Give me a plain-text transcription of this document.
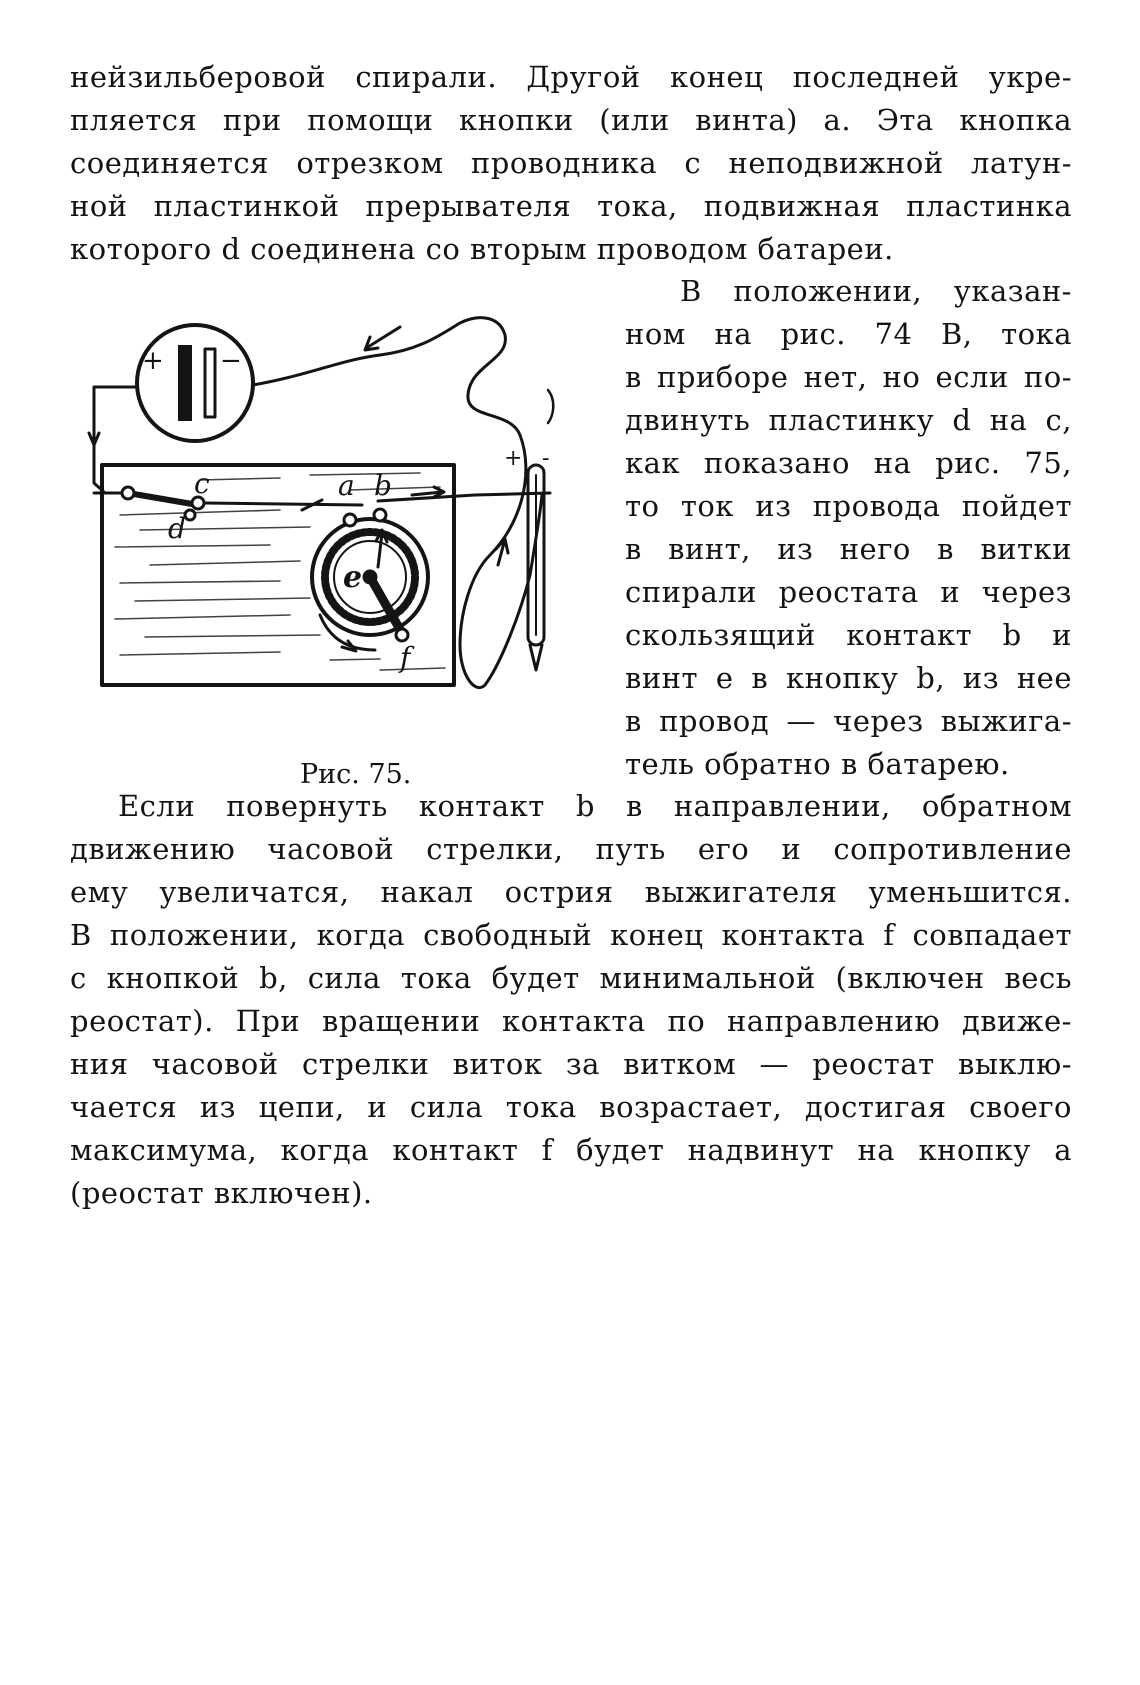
нейзильберовой спирали. Другой конец последней укре-
пляется при помощи кнопки (или винта) a. Эта кнопка
соединяется отрезком проводника с неподвижной латун-
ной пластинкой прерывателя тока, подвижная пластинка
которого d соединена со вторым проводом батареи.
В положении, указан-
ном на рис. 74 B, тока
в приборе нет, но если по-
двинуть пластинку d на c,
как показано на рис. 75,
то ток из провода пойдет
в винт, из него в витки
спирали реостата и через
скользящий контакт b и
винт e в кнопку b, из нее
в провод — через выжига-
тель обратно в батарею.
+ −
c
d
a b
e
f
+ -
Рис. 75.
Если повернуть контакт b в направлении, обратном
движению часовой стрелки, путь его и сопротивление
ему увеличатся, накал острия выжигателя уменьшится.
В положении, когда свободный конец контакта f совпадает
с кнопкой b, сила тока будет минимальной (включен весь
реостат). При вращении контакта по направлению движе-
ния часовой стрелки виток за витком — реостат выклю-
чается из цепи, и сила тока возрастает, достигая своего
максимума, когда контакт f будет надвинут на кнопку a
(реостат включен).
